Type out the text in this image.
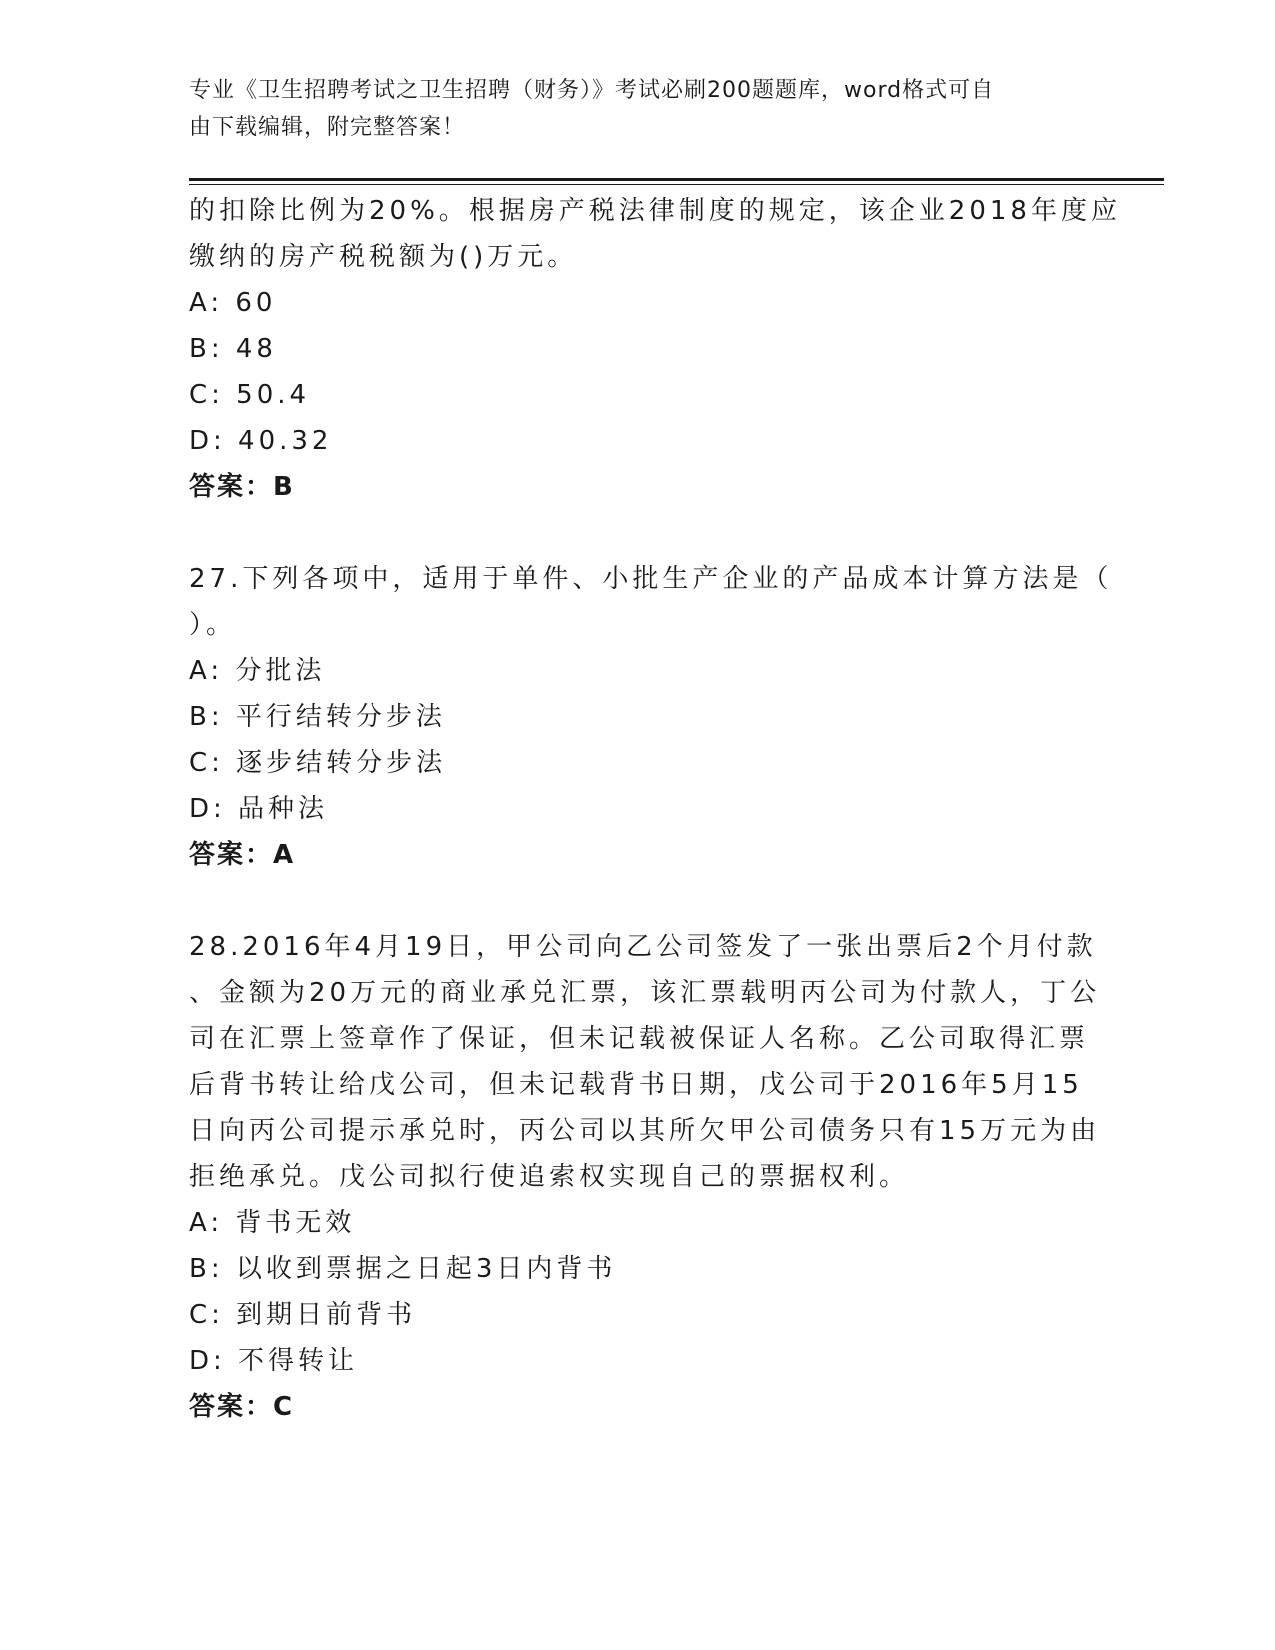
专业《卫生招聘考试之卫生招聘（财务）》考试必刷200题题库，word格式可自
由下载编辑，附完整答案！
的扣除比例为20%。根据房产税法律制度的规定，该企业2018年度应
缴纳的房产税税额为()万元。
A: 60
B: 48
C: 50.4
D: 40.32
答案：B
27.下列各项中，适用于单件、小批生产企业的产品成本计算方法是（
）。
A: 分批法
B: 平行结转分步法
C: 逐步结转分步法
D: 品种法
答案：A
28.2016年4月19日，甲公司向乙公司签发了一张出票后2个月付款
、金额为20万元的商业承兑汇票，该汇票载明丙公司为付款人，丁公
司在汇票上签章作了保证，但未记载被保证人名称。乙公司取得汇票
后背书转让给戊公司，但未记载背书日期，戊公司于2016年5月15
日向丙公司提示承兑时，丙公司以其所欠甲公司债务只有15万元为由
拒绝承兑。戊公司拟行使追索权实现自己的票据权利。
A: 背书无效
B: 以收到票据之日起3日内背书
C: 到期日前背书
D: 不得转让
答案：C
